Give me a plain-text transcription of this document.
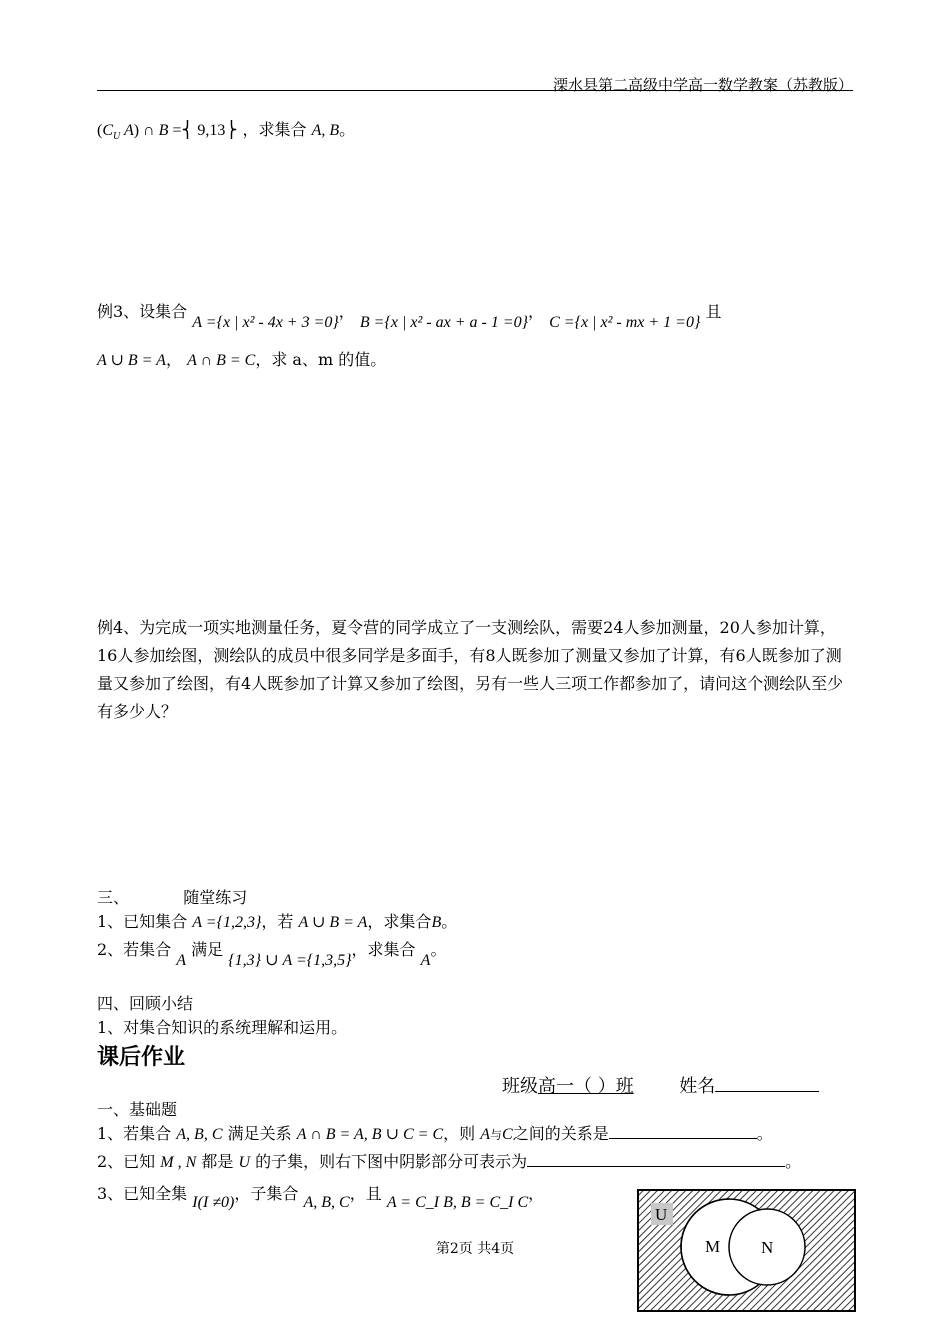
溧水县第二高级中学高一数学教案（苏教版）
($C_U$ A) ∩ B =⎨ 9,13⎬ ，求集合 A, B。
例3、设集合 A ={x | x² - 4x + 3 =0}， B ={x | x² - ax + a - 1 =0}， C ={x | x² - mx + 1 =0} 且
A ∪ B = A， A ∩ B = C，求 a、m 的值。
例4、为完成一项实地测量任务，夏令营的同学成立了一支测绘队，需要24人参加测量，20人参加计算，16人参加绘图，测绘队的成员中很多同学是多面手，有8人既参加了测量又参加了计算，有6人既参加了测量又参加了绘图，有4人既参加了计算又参加了绘图，另有一些人三项工作都参加了，请问这个测绘队至少有多少人？
三、	随堂练习
1、已知集合 A ={1,2,3}，若 A ∪ B = A，求集合B。
2、若集合 A 满足 {1,3} ∪ A ={1,3,5}，求集合 A。
四、回顾小结
1、对集合知识的系统理解和运用。
课后作业
班级高一（ ）班	姓名
一、基础题
1、若集合 A, B, C 满足关系 A ∩ B = A, B ∪ C = C，则 A与C之间的关系是	。
2、已知 M , N 都是 U 的子集，则右下图中阴影部分可表示为	。
3、已知全集 I(I ≠0)，子集合 A, B, C，且 A = C_I B, B = C_I C，
第2页 共4页
U
M N
